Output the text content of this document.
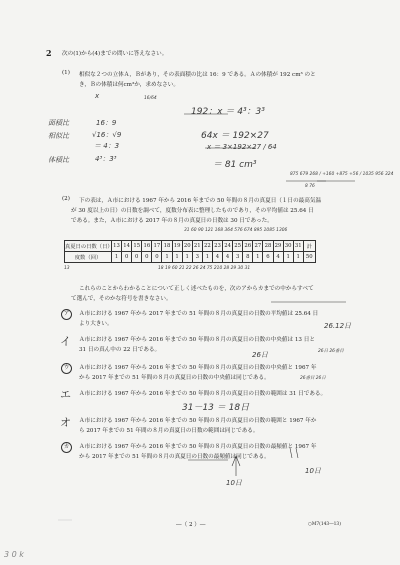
2 次の(1)から(4)までの問いに答えなさい。
(1) 相似な２つの立体Ａ，Ｂがあり，その表面積の比は 16：9 である。Ａの体積が 192 cm³ のと
き，Ｂの体積は何cm³か，求めなさい。
x	16/64
面積比	16：9
相似比	√16：√9
＝ 4：3
体積比	4³：3³
192：x ＝ 4³：3³
64x ＝ 192×27
x ＝ 3×192×27 / 64
＝ 81 cm³
875 679 268 / +160 +875 +56 / 1035 956 324
8 76
(2) 下の表は，Ａ市における 1967 年から 2016 年までの 50 年間の８月の真夏日（１日の最高気温
が 30 度以上の日）の日数を調べて，度数分布表に整理したものであり，その平均値は 25.64 日
である。また，Ａ市における 2017 年の８月の真夏日の日数は 30 日であった。
31 60 90 121 168 364 576 674 895 1085 1306
真夏日の日数（日）	13	14	15	16	17	18	19	20	21	22	23	24	25	26	27	28	29	30	31	計
度数（回）	1	0	0	0	0	1	1	1	3	1	4	4	3	8	1	6	4	1	1	50
13	18 19 60 21 22 26 24 75 210 28 29 30 31
これらのことからわかることについて正しく述べたものを，次のアからカまでの中からすべて
て選んで，そのかな符号を書きなさい。
ア	Ａ市における 1967 年から 2017 年までの 51 年間の８月の真夏日の日数の平均値は 25.64 日
より大きい。	26.12日
イ Ａ市における 1967 年から 2016 年までの 50 年間の８月の真夏日の日数の中央値は 13 日と
31 日の真ん中の 22 日である。
26日	26日 26番目
ウ	Ａ市における 1967 年から 2016 年までの 50 年間の８月の真夏日の日数の中央値と 1967 年
から 2017 年までの 51 年間の８月の真夏日の日数の中央値は同じである。	26番目 26日
エ Ａ市における 1967 年から 2016 年までの 50 年間の８月の真夏日の日数の範囲は 31 日である。
31－13 ＝ 18日
オ Ａ市における 1967 年から 2016 年までの 50 年間の８月の真夏日の日数の範囲と 1967 年か
ら 2017 年までの 51 年間の８月の真夏日の日数の範囲は同じである。
カ	Ａ市における 1967 年から 2016 年までの 50 年間の８月の真夏日の日数の最頻値と 1967 年
から 2017 年までの 51 年間の８月の真夏日の日数の最頻値は同じである。
10日
10日
―（ 2 ）―	○M7(143―13)
3 0 k
